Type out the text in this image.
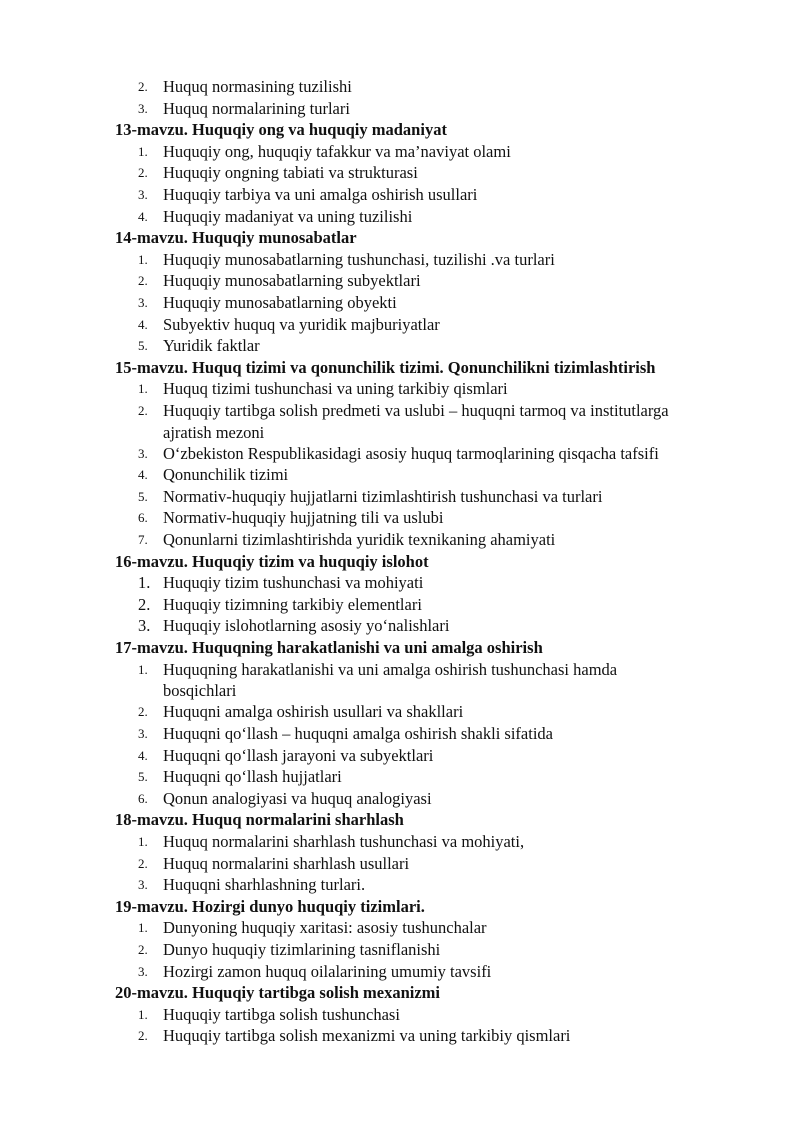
2. Huquq normasining tuzilishi
3. Huquq normalarining turlari
13-mavzu. Huquqiy ong va huquqiy madaniyat
1. Huquqiy ong, huquqiy tafakkur va ma’naviyat olami
2. Huquqiy ongning tabiati va strukturasi
3. Huquqiy tarbiya va uni amalga oshirish usullari
4. Huquqiy madaniyat va uning tuzilishi
14-mavzu. Huquqiy munosabatlar
1. Huquqiy munosabatlarning tushunchasi, tuzilishi .va turlari
2. Huquqiy munosabatlarning subyektlari
3. Huquqiy munosabatlarning obyekti
4. Subyektiv huquq va yuridik majburiyatlar
5. Yuridik faktlar
15-mavzu. Huquq tizimi va qonunchilik tizimi. Qonunchilikni tizimlashtirish
1. Huquq tizimi tushunchasi va uning tarkibiy qismlari
2. Huquqiy tartibga solish predmeti va uslubi – huquqni tarmoq va institutlarga
ajratish mezoni
3. O‘zbekiston Respublikasidagi asosiy huquq tarmoqlarining qisqacha tafsifi
4. Qonunchilik tizimi
5. Normativ-huquqiy hujjatlarni tizimlashtirish tushunchasi va turlari
6. Normativ-huquqiy hujjatning tili va uslubi
7. Qonunlarni tizimlashtirishda yuridik texnikaning ahamiyati
16-mavzu. Huquqiy tizim va huquqiy islohot
1. Huquqiy tizim tushunchasi va mohiyati
2. Huquqiy tizimning tarkibiy elementlari
3. Huquqiy islohotlarning asosiy yo‘nalishlari
17-mavzu. Huquqning harakatlanishi va uni amalga oshirish
1. Huquqning harakatlanishi va uni amalga oshirish tushunchasi hamda
bosqichlari
2. Huquqni amalga oshirish usullari va shakllari
3. Huquqni qo‘llash – huquqni amalga oshirish shakli sifatida
4. Huquqni qo‘llash jarayoni va subyektlari
5. Huquqni qo‘llash hujjatlari
6. Qonun analogiyasi va huquq analogiyasi
18-mavzu. Huquq normalarini sharhlash
1. Huquq normalarini sharhlash tushunchasi va mohiyati,
2. Huquq normalarini sharhlash usullari
3. Huquqni sharhlashning turlari.
19-mavzu. Hozirgi dunyo huquqiy tizimlari.
1. Dunyoning huquqiy xaritasi: asosiy tushunchalar
2. Dunyo huquqiy tizimlarining tasniflanishi
3. Hozirgi zamon huquq oilalarining umumiy tavsifi
20-mavzu. Huquqiy tartibga solish mexanizmi
1. Huquqiy tartibga solish tushunchasi
2. Huquqiy tartibga solish mexanizmi va uning tarkibiy qismlari
